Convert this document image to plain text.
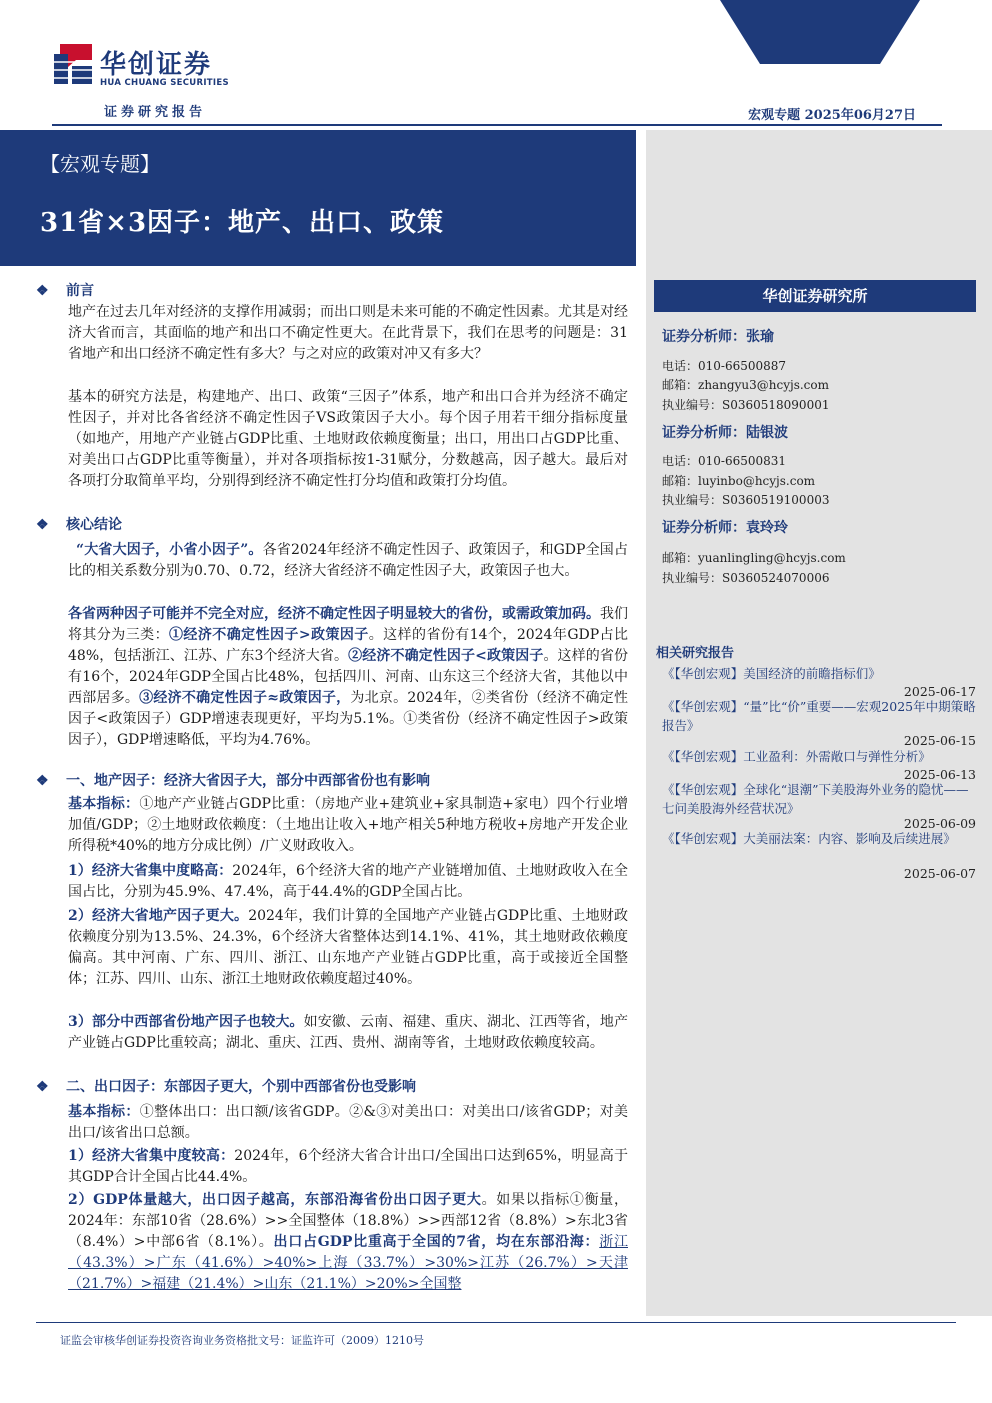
华创证券
HUA CHUANG SECURITIES
证券研究报告	宏观专题 2025年06月27日
【宏观专题】
31省×3因子：地产、出口、政策
华创证券研究所
证券分析师：张瑜
电话：010-66500887
邮箱：zhangyu3@hcyjs.com
执业编号：S0360518090001
证券分析师：陆银波
电话：010-66500831
邮箱：luyinbo@hcyjs.com
执业编号：S0360519100003
证券分析师：袁玲玲
邮箱：yuanlingling@hcyjs.com
执业编号：S0360524070006
相关研究报告
《【华创宏观】美国经济的前瞻指标们》
2025-06-17
《【华创宏观】“量”比“价”重要——宏观2025年中期策略报告》
2025-06-15
《【华创宏观】工业盈利：外需敞口与弹性分析》
2025-06-13
《【华创宏观】全球化“退潮”下美股海外业务的隐忧——七问美股海外经营状况》
2025-06-09
《【华创宏观】大美丽法案：内容、影响及后续进展》
2025-06-07
❖ 前言
地产在过去几年对经济的支撑作用减弱；而出口则是未来可能的不确定性因素。尤其是对经济大省而言，其面临的地产和出口不确定性更大。在此背景下，我们在思考的问题是：31省地产和出口经济不确定性有多大？与之对应的政策对冲又有多大？
基本的研究方法是，构建地产、出口、政策“三因子”体系，地产和出口合并为经济不确定性因子，并对比各省经济不确定性因子VS政策因子大小。每个因子用若干细分指标度量（如地产，用地产产业链占GDP比重、土地财政依赖度衡量；出口，用出口占GDP比重、对美出口占GDP比重等衡量），并对各项指标按1-31赋分，分数越高，因子越大。最后对各项打分取简单平均，分别得到经济不确定性打分均值和政策打分均值。
❖ 核心结论
“大省大因子，小省小因子”。各省2024年经济不确定性因子、政策因子，和GDP全国占比的相关系数分别为0.70、0.72，经济大省经济不确定性因子大，政策因子也大。
各省两种因子可能并不完全对应，经济不确定性因子明显较大的省份，或需政策加码。我们将其分为三类：①经济不确定性因子>政策因子。这样的省份有14个，2024年GDP占比48%，包括浙江、江苏、广东3个经济大省。②经济不确定性因子<政策因子。这样的省份有16个，2024年GDP全国占比48%，包括四川、河南、山东这三个经济大省，其他以中西部居多。③经济不确定性因子≈政策因子，为北京。2024年，②类省份（经济不确定性因子<政策因子）GDP增速表现更好，平均为5.1%。①类省份（经济不确定性因子>政策因子），GDP增速略低，平均为4.76%。
❖ 一、地产因子：经济大省因子大，部分中西部省份也有影响
基本指标：①地产产业链占GDP比重：（房地产业+建筑业+家具制造+家电）四个行业增加值/GDP；②土地财政依赖度：（土地出让收入+地产相关5种地方税收+房地产开发企业所得税*40%的地方分成比例）/广义财政收入。
1）经济大省集中度略高：2024年，6个经济大省的地产产业链增加值、土地财政收入在全国占比，分别为45.9%、47.4%，高于44.4%的GDP全国占比。
2）经济大省地产因子更大。2024年，我们计算的全国地产产业链占GDP比重、土地财政依赖度分别为13.5%、24.3%，6个经济大省整体达到14.1%、41%，其土地财政依赖度偏高。其中河南、广东、四川、浙江、山东地产产业链占GDP比重，高于或接近全国整体；江苏、四川、山东、浙江土地财政依赖度超过40%。
3）部分中西部省份地产因子也较大。如安徽、云南、福建、重庆、湖北、江西等省，地产产业链占GDP比重较高；湖北、重庆、江西、贵州、湖南等省，土地财政依赖度较高。
❖ 二、出口因子：东部因子更大，个别中西部省份也受影响
基本指标：①整体出口：出口额/该省GDP。②&③对美出口：对美出口/该省GDP；对美出口/该省出口总额。
1）经济大省集中度较高：2024年，6个经济大省合计出口/全国出口达到65%，明显高于其GDP合计全国占比44.4%。
2）GDP体量越大，出口因子越高，东部沿海省份出口因子更大。如果以指标①衡量，2024年：东部10省（28.6%）>>全国整体（18.8%）>>西部12省（8.8%）>东北3省（8.4%）>中部6省（8.1%）。出口占GDP比重高于全国的7省，均在东部沿海：浙江（43.3%）>广东（41.6%）>40%>上海（33.7%）>30%>江苏（26.7%）>天津（21.7%）>福建（21.4%）>山东（21.1%）>20%>全国整
证监会审核华创证券投资咨询业务资格批文号：证监许可（2009）1210号
